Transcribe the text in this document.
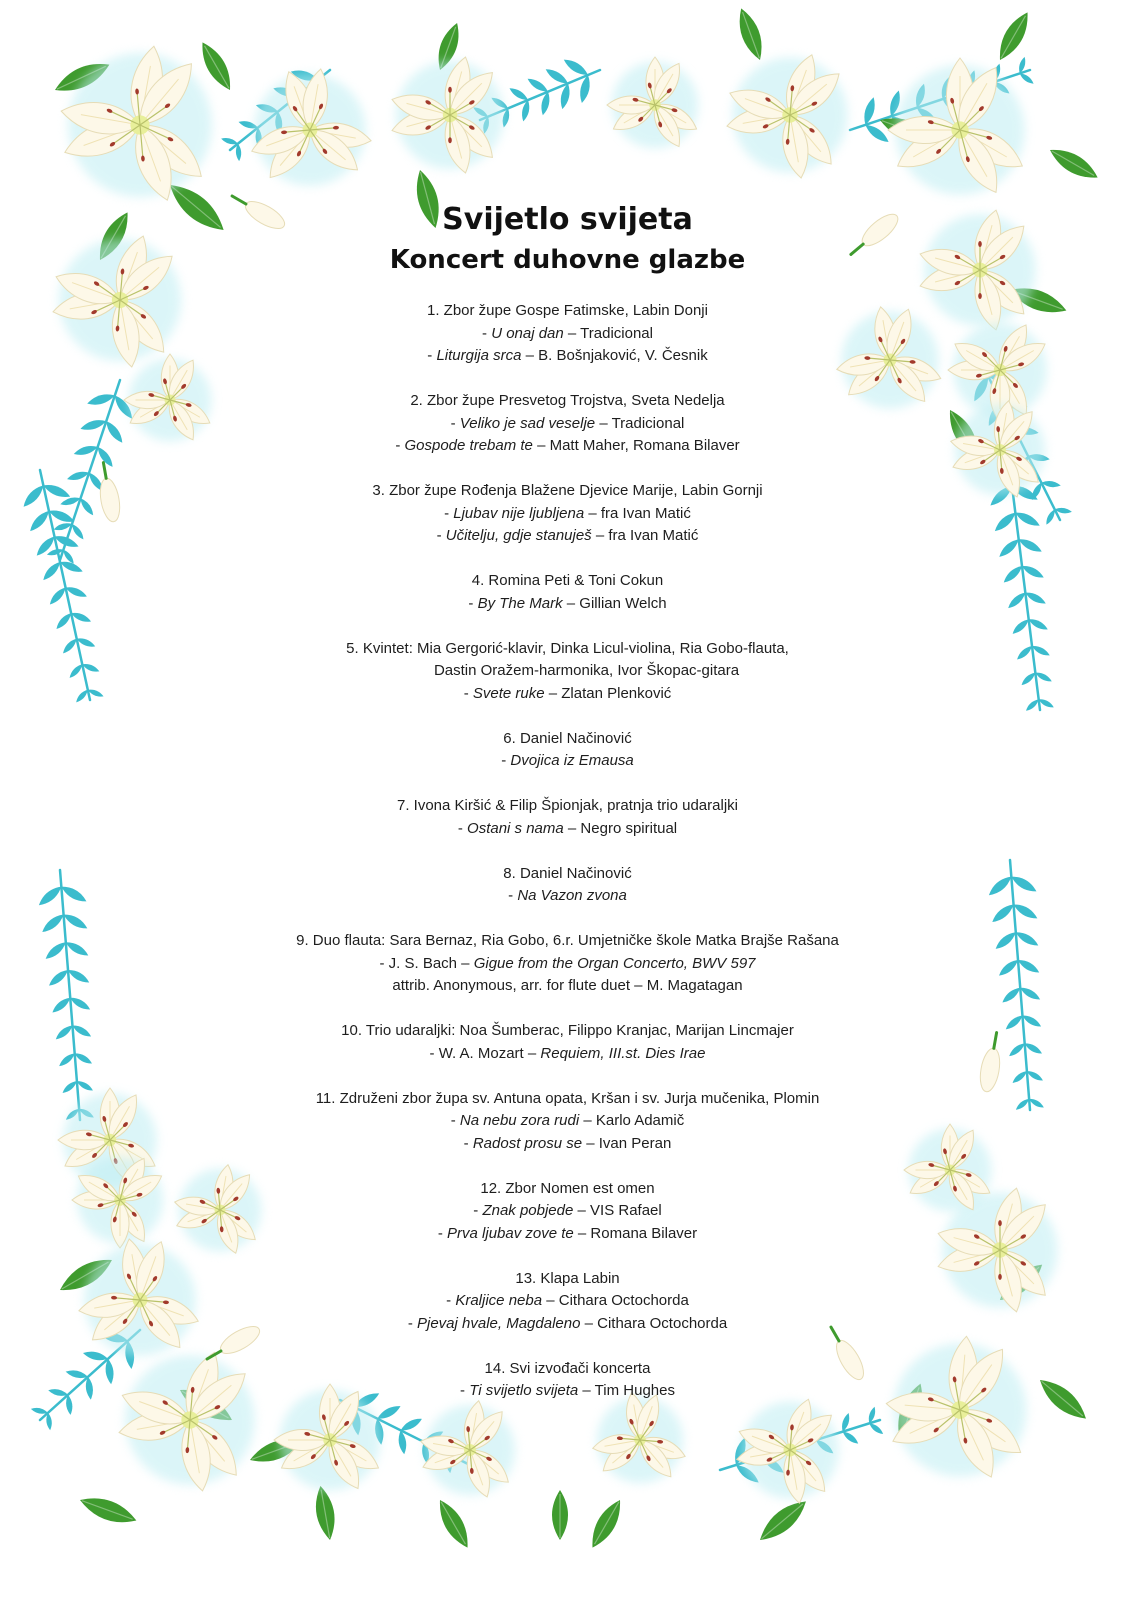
Svijetlo svijeta
Koncert duhovne glazbe
1. Zbor župe Gospe Fatimske, Labin Donji
- U onaj dan – Tradicional
- Liturgija srca – B. Bošnjaković, V. Česnik
2. Zbor župe Presvetog Trojstva, Sveta Nedelja
- Veliko je sad veselje – Tradicional
- Gospode trebam te – Matt Maher, Romana Bilaver
3. Zbor župe Rođenja Blažene Djevice Marije, Labin Gornji
- Ljubav nije ljubljena – fra Ivan Matić
- Učitelju, gdje stanuješ – fra Ivan Matić
4. Romina Peti & Toni Cokun
- By The Mark – Gillian Welch
5. Kvintet: Mia Gergorić-klavir, Dinka Licul-violina, Ria Gobo-flauta,
Dastin Oražem-harmonika, Ivor Škopac-gitara
- Svete ruke – Zlatan Plenković
6. Daniel Načinović
- Dvojica iz Emausa
7. Ivona Kiršić & Filip Špionjak, pratnja trio udaraljki
- Ostani s nama – Negro spiritual
8. Daniel Načinović
- Na Vazon zvona
9. Duo flauta: Sara Bernaz, Ria Gobo, 6.r. Umjetničke škole Matka Brajše Rašana
- J. S. Bach – Gigue from the Organ Concerto, BWV 597
attrib. Anonymous, arr. for flute duet – M. Magatagan
10. Trio udaraljki: Noa Šumberac, Filippo Kranjac, Marijan Lincmajer
- W. A. Mozart – Requiem, III.st. Dies Irae
11. Združeni zbor župa sv. Antuna opata, Kršan i sv. Jurja mučenika, Plomin
- Na nebu zora rudi – Karlo Adamič
- Radost prosu se – Ivan Peran
12. Zbor Nomen est omen
- Znak pobjede – VIS Rafael
- Prva ljubav zove te – Romana Bilaver
13. Klapa Labin
- Kraljice neba – Cithara Octochorda
- Pjevaj hvale, Magdaleno – Cithara Octochorda
14. Svi izvođači koncerta
- Ti svijetlo svijeta – Tim Hughes
